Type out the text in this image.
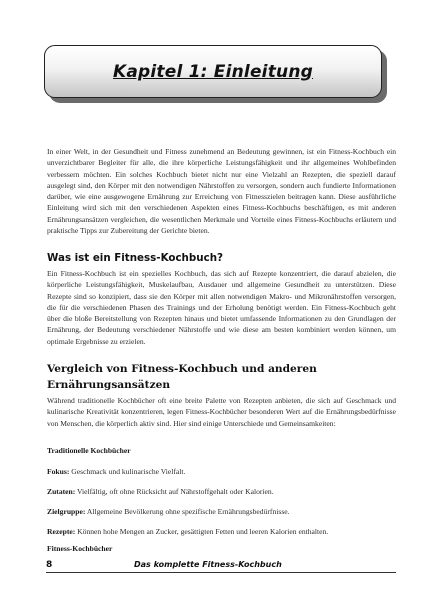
Kapitel 1: Einleitung

In einer Welt, in der Gesundheit und Fitness zunehmend an Bedeutung gewinnen, ist ein Fitness-Kochbuch ein unverzichtbarer Begleiter für alle, die ihre körperliche Leistungsfähigkeit und ihr allgemeines Wohlbefinden verbessern möchten. Ein solches Kochbuch bietet nicht nur eine Vielzahl an Rezepten, die speziell darauf ausgelegt sind, den Körper mit den notwendigen Nährstoffen zu versorgen, sondern auch fundierte Informationen darüber, wie eine ausgewogene Ernährung zur Erreichung von Fitnesszielen beitragen kann. Diese ausführliche Einleitung wird sich mit den verschiedenen Aspekten eines Fitness-Kochbuchs beschäftigen, es mit anderen Ernährungsansätzen vergleichen, die wesentlichen Merkmale und Vorteile eines Fitness-Kochbuchs erläutern und praktische Tipps zur Zubereitung der Gerichte bieten.

Was ist ein Fitness-Kochbuch?

Ein Fitness-Kochbuch ist ein spezielles Kochbuch, das sich auf Rezepte konzentriert, die darauf abzielen, die körperliche Leistungsfähigkeit, Muskelaufbau, Ausdauer und allgemeine Gesundheit zu unterstützen. Diese Rezepte sind so konzipiert, dass sie den Körper mit allen notwendigen Makro- und Mikronährstoffen versorgen, die für die verschiedenen Phasen des Trainings und der Erholung benötigt werden. Ein Fitness-Kochbuch geht über die bloße Bereitstellung von Rezepten hinaus und bietet umfassende Informationen zu den Grundlagen der Ernährung, der Bedeutung verschiedener Nährstoffe und wie diese am besten kombiniert werden können, um optimale Ergebnisse zu erzielen.

Vergleich von Fitness-Kochbuch und anderen
Ernährungsansätzen

Während traditionelle Kochbücher oft eine breite Palette von Rezepten anbieten, die sich auf Geschmack und kulinarische Kreativität konzentrieren, legen Fitness-Kochbücher besonderen Wert auf die Ernährungsbedürfnisse von Menschen, die körperlich aktiv sind. Hier sind einige Unterschiede und Gemeinsamkeiten:

Traditionelle Kochbücher
Fokus: Geschmack und kulinarische Vielfalt.
Zutaten: Vielfältig, oft ohne Rücksicht auf Nährstoffgehalt oder Kalorien.
Zielgruppe: Allgemeine Bevölkerung ohne spezifische Ernährungsbedürfnisse.
Rezepte: Können hohe Mengen an Zucker, gesättigten Fetten und leeren Kalorien enthalten.
Fitness-Kochbücher
8	Das komplette Fitness-Kochbuch
